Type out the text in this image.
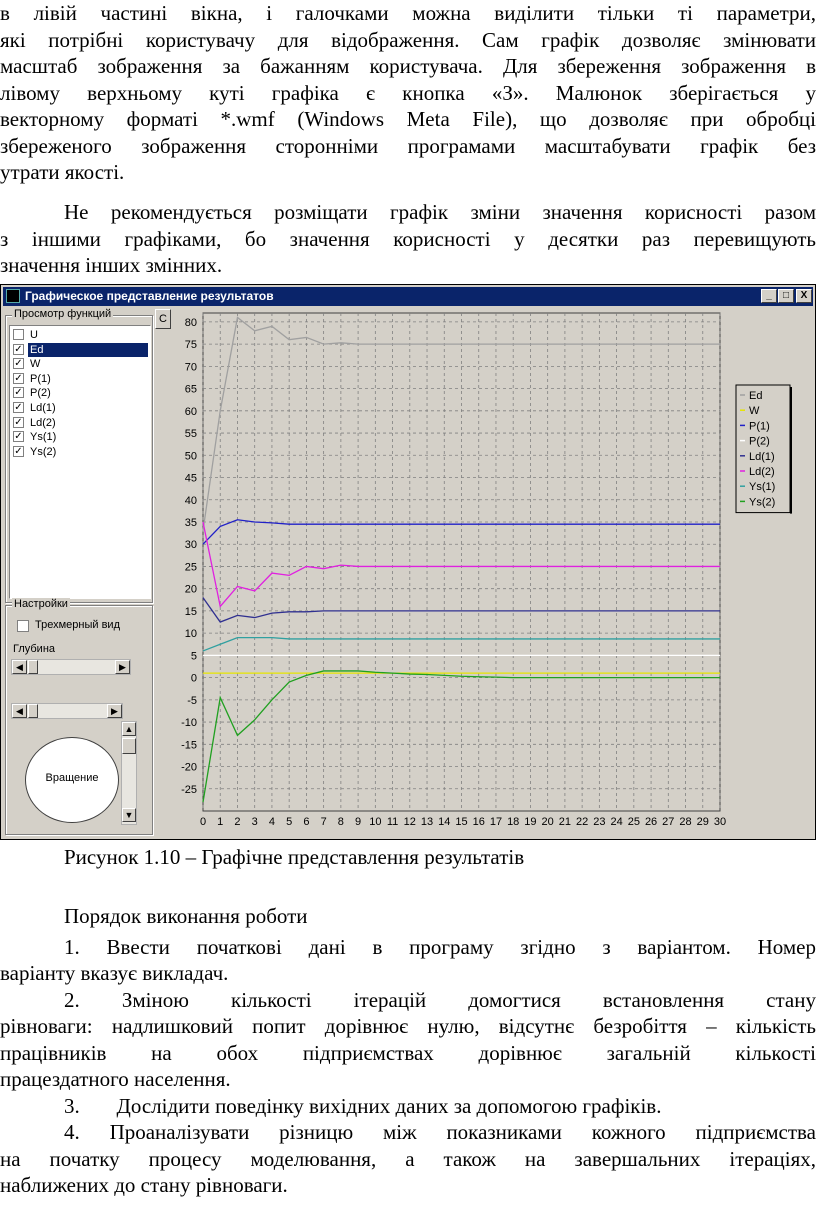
в лівій частині вікна, і галочками можна виділити тільки ті параметри,
які потрібні користувачу для відображення. Сам графік дозволяє змінювати
масштаб зображення за бажанням користувача. Для збереження зображення в
лівому верхньому куті графіка є кнопка «З». Малюнок зберігається у
векторному форматі *.wmf (Windows Meta File), що дозволяє при обробці
збереженого зображення сторонніми програмами масштабувати графік без
утрати якості.
Не рекомендується розміщати графік зміни значення корисності разом
з іншими графіками, бо значення корисності у десятки раз перевищують
значення інших змінних.
Графическое представление результатов	_	□	X
Просмотр функций
U
✓ Ed
✓ W
✓ P(1)
✓ P(2)
✓ Ld(1)
✓ Ld(2)
✓ Ys(1)
✓ Ys(2)
Настройки
Трехмерный вид
Глубина
◀	▶
◀	▶
▲
▼
Вращение
C
0 1 2 3 4 5 6 7 8 9 10 11 12 13 14 15 16 17 18 19 20 21 22 23 24 25 26 27 28 29 30
80
75
70
65
60
55
50
45
40
35
30
25
20
15
10
5
0
-5
-10
-15
-20
-25
Ed
W
P(1)
P(2)
Ld(1)
Ld(2)
Ys(1)
Ys(2)
Рисунок 1.10 – Графічне представлення результатів
Порядок виконання роботи
1. Ввести початкові дані в програму згідно з варіантом. Номер
варіанту вказує викладач.
2. Зміною кількості ітерацій домогтися встановлення стану
рівноваги: надлишковий попит дорівнює нулю, відсутнє безробіття – кількість
працівників на обох підприємствах дорівнює загальній кількості
працездатного населення.
3.       Дослідити поведінку вихідних даних за допомогою графіків.
4. Проаналізувати різницю між показниками кожного підприємства
на початку процесу моделювання, а також на завершальних ітераціях,
наближених до стану рівноваги.
